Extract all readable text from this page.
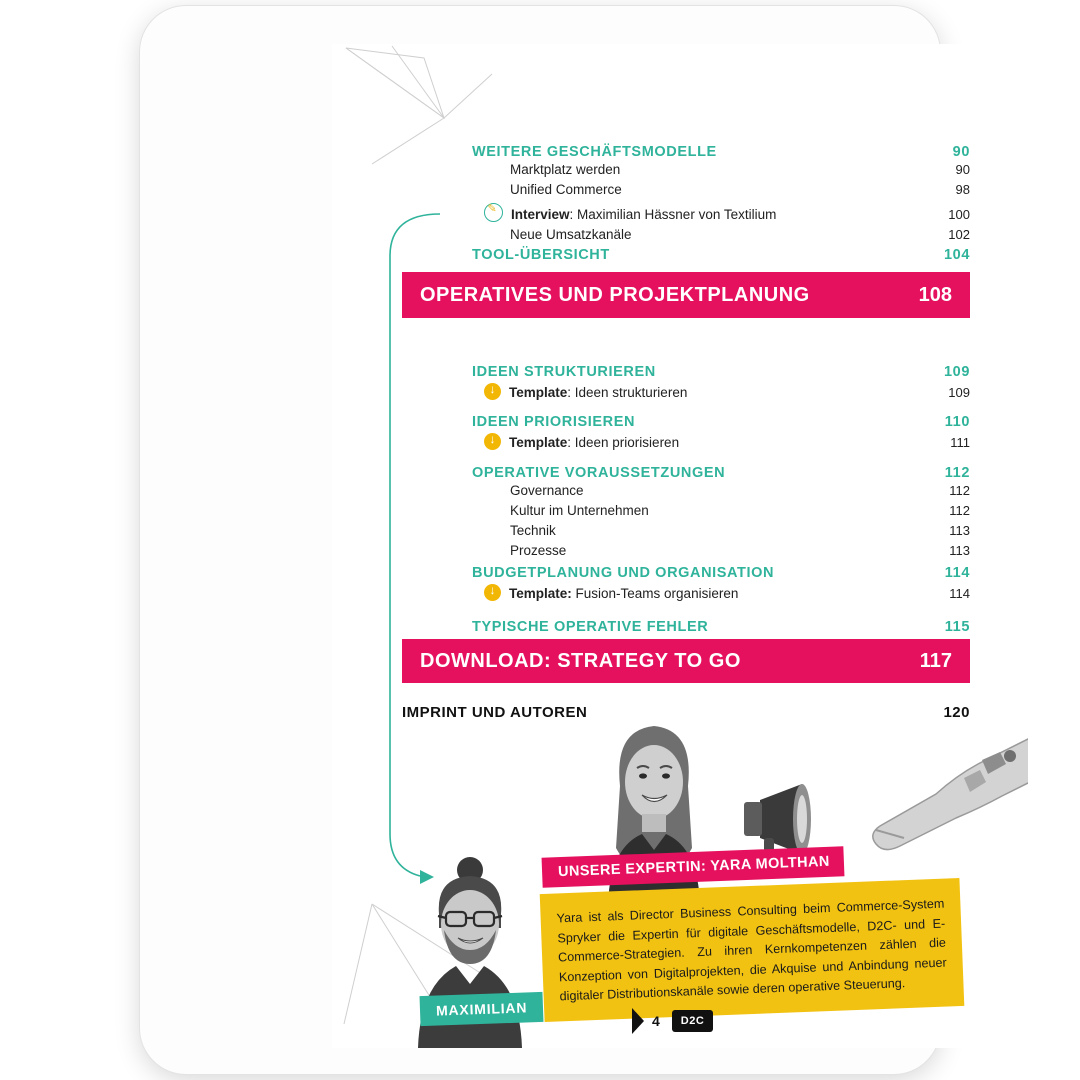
WEITERE GESCHÄFTSMODELLE	90
Marktplatz werden	90
Unified Commerce	98
✎
Interview: Maximilian Hässner von Textilium	100
Neue Umsatzkanäle	102
TOOL-ÜBERSICHT	104
OPERATIVES UND PROJEKTPLANUNG	108
IDEEN STRUKTURIEREN	109
↓
Template: Ideen strukturieren	109
IDEEN PRIORISIEREN	110
↓
Template: Ideen priorisieren	111
OPERATIVE VORAUSSETZUNGEN	112
Governance	112
Kultur im Unternehmen	112
Technik	113
Prozesse	113
BUDGETPLANUNG UND ORGANISATION	114
↓
Template: Fusion-Teams organisieren	114
TYPISCHE OPERATIVE FEHLER	115
DOWNLOAD: STRATEGY TO GO	117
IMPRINT UND AUTOREN	120
MAXIMILIAN
UNSERE EXPERTIN: YARA MOLTHAN
Yara ist als Director Business Consulting beim Commerce-System Spryker die Expertin für digitale Geschäftsmodelle, D2C- und E-Commerce-Strategien. Zu ihren Kernkompetenzen zählen die Konzeption von Digitalprojekten, die Akquise und Anbindung neuer digitaler Distributionskanäle sowie deren operative Steuerung.
4	D2C
